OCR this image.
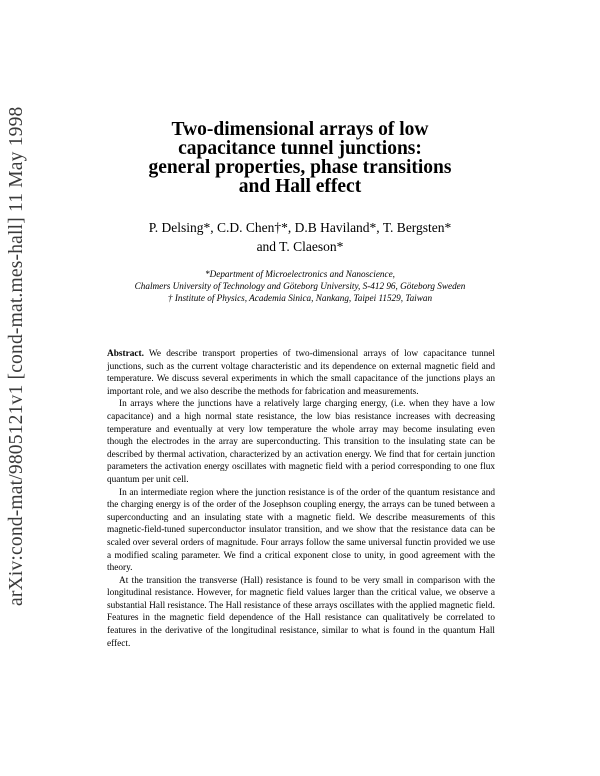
arXiv:cond-mat/9805121v1 [cond-mat.mes-hall] 11 May 1998	Two-dimensional arrays of low
capacitance tunnel junctions:
general properties, phase transitions
and Hall effect
P. Delsing*, C.D. Chen†*, D.B Haviland*, T. Bergsten*
and T. Claeson*
*Department of Microelectronics and Nanoscience,
Chalmers University of Technology and Göteborg University, S-412 96, Göteborg Sweden
† Institute of Physics, Academia Sinica, Nankang, Taipei 11529, Taiwan

Abstract. We describe transport properties of two-dimensional arrays of low capacitance tunnel junctions, such as the current voltage characteristic and its dependence on external magnetic field and temperature. We discuss several experiments in which the small capacitance of the junctions plays an important role, and we also describe the methods for fabrication and measurements.

In arrays where the junctions have a relatively large charging energy, (i.e. when they have a low capacitance) and a high normal state resistance, the low bias resistance increases with decreasing temperature and eventually at very low temperature the whole array may become insulating even though the electrodes in the array are superconducting. This transition to the insulating state can be described by thermal activation, characterized by an activation energy. We find that for certain junction parameters the activation energy oscillates with magnetic field with a period corresponding to one flux quantum per unit cell.

In an intermediate region where the junction resistance is of the order of the quantum resistance and the charging energy is of the order of the Josephson coupling energy, the arrays can be tuned between a superconducting and an insulating state with a magnetic field. We describe measurements of this magnetic-field-tuned superconductor insulator transition, and we show that the resistance data can be scaled over several orders of magnitude. Four arrays follow the same universal functin provided we use a modified scaling parameter. We find a critical exponent close to unity, in good agreement with the theory.

At the transition the transverse (Hall) resistance is found to be very small in comparison with the longitudinal resistance. However, for magnetic field values larger than the critical value, we observe a substantial Hall resistance. The Hall resistance of these arrays oscillates with the applied magnetic field. Features in the magnetic field dependence of the Hall resistance can qualitatively be correlated to features in the derivative of the longitudinal resistance, similar to what is found in the quantum Hall effect.
